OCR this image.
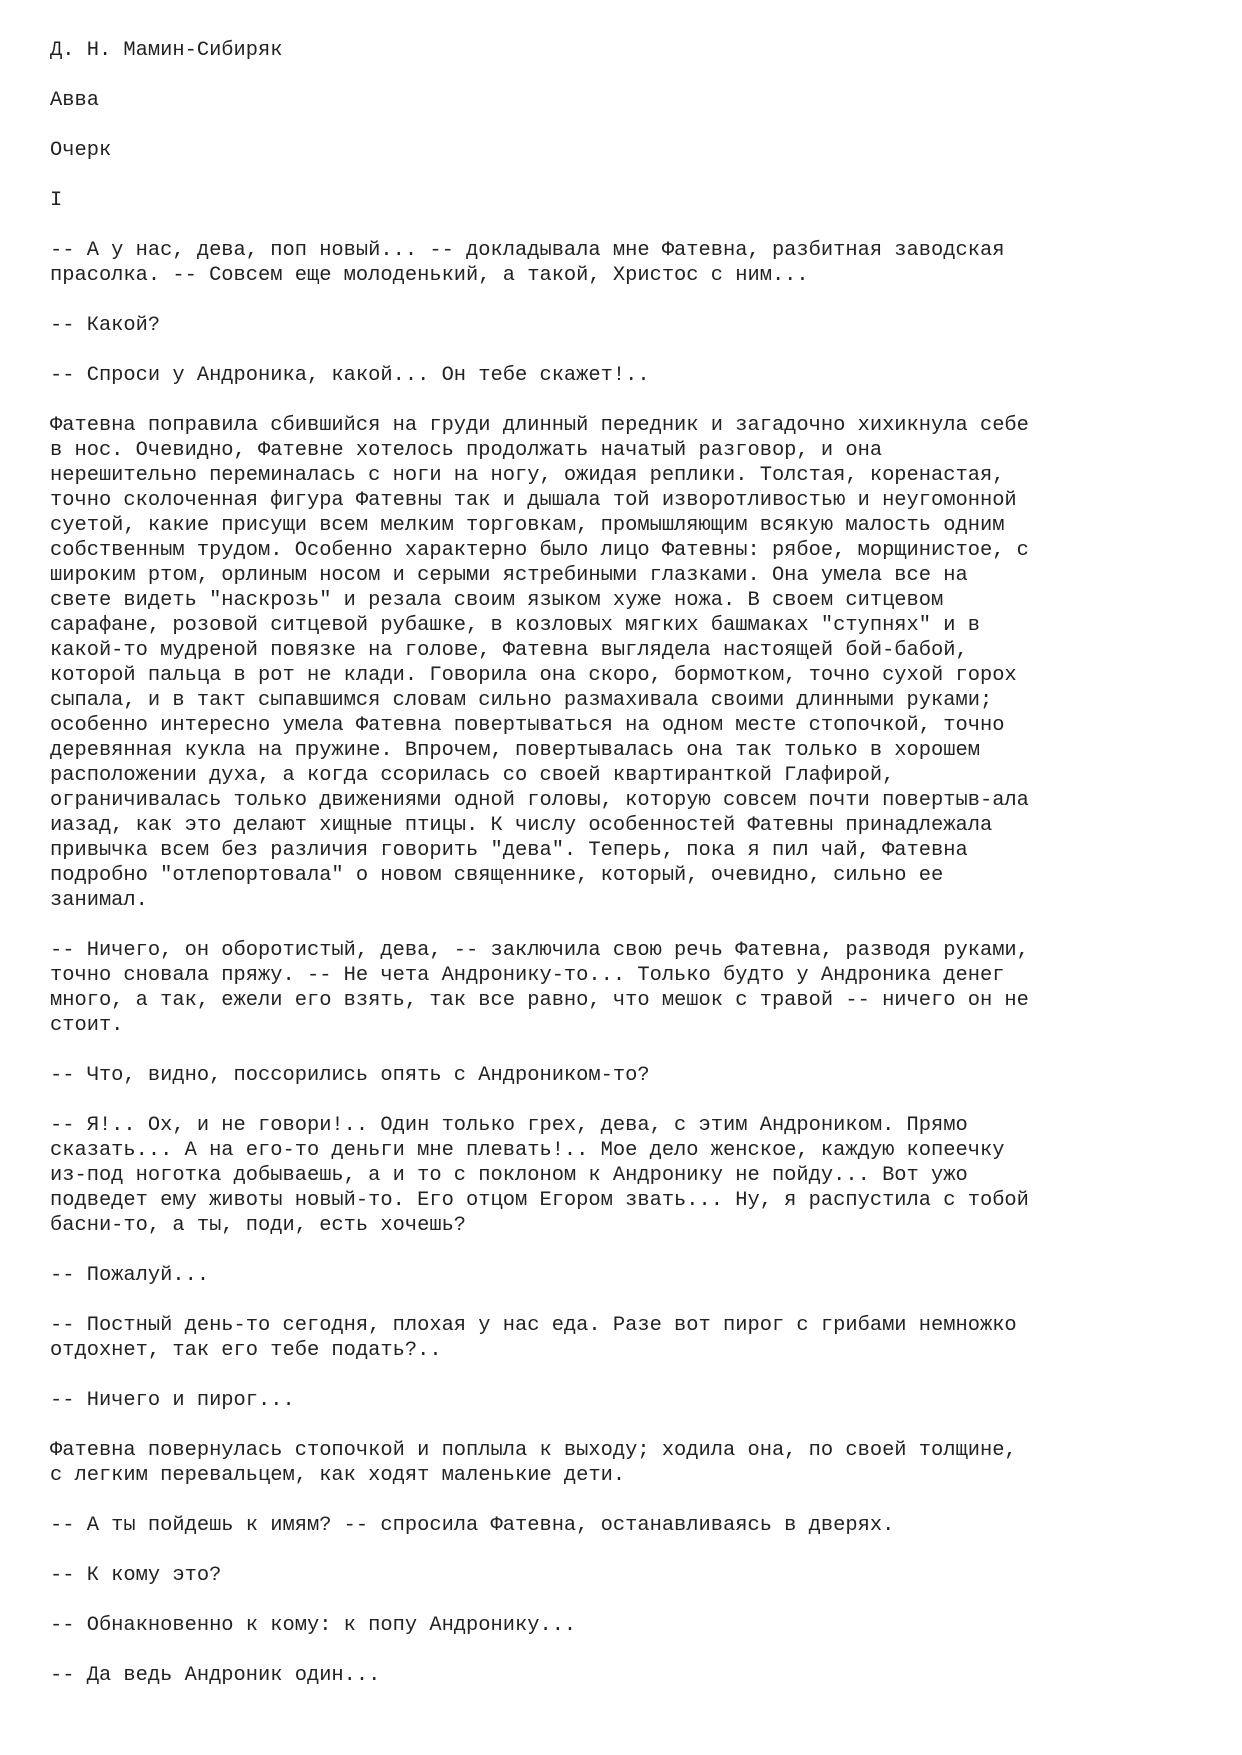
Д. Н. Мамин-Сибиряк
Авва
Очерк
I
-- А у нас, дева, поп новый... -- докладывала мне Фатевна, разбитная заводская
прасолка. -- Совсем еще молоденький, а такой, Христос с ним...
-- Какой?
-- Спроси у Андроника, какой... Он тебе скажет!..
Фатевна поправила сбившийся на груди длинный передник и загадочно хихикнула себе
в нос. Очевидно, Фатевне хотелось продолжать начатый разговор, и она
нерешительно переминалась с ноги на ногу, ожидая реплики. Толстая, коренастая,
точно сколоченная фигура Фатевны так и дышала той изворотливостью и неугомонной
суетой, какие присущи всем мелким торговкам, промышляющим всякую малость одним
собственным трудом. Особенно характерно было лицо Фатевны: рябое, морщинистое, с
широким ртом, орлиным носом и серыми ястребиными глазками. Она умела все на
свете видеть "наскрозь" и резала своим языком хуже ножа. В своем ситцевом
сарафане, розовой ситцевой рубашке, в козловых мягких башмаках "ступнях" и в
какой-то мудреной повязке на голове, Фатевна выглядела настоящей бой-бабой,
которой пальца в рот не клади. Говорила она скоро, бормотком, точно сухой горох
сыпала, и в такт сыпавшимся словам сильно размахивала своими длинными руками;
особенно интересно умела Фатевна повертываться на одном месте стопочкой, точно
деревянная кукла на пружине. Впрочем, повертывалась она так только в хорошем
расположении духа, а когда ссорилась со своей квартиранткой Глафирой,
ограничивалась только движениями одной головы, которую совсем почти повертыв-ала
иазад, как это делают хищные птицы. К числу особенностей Фатевны принадлежала
привычка всем без различия говорить "дева". Теперь, пока я пил чай, Фатевна
подробно "отлепортовала" о новом священнике, который, очевидно, сильно ее
занимал.
-- Ничего, он оборотистый, дева, -- заключила свою речь Фатевна, разводя руками,
точно сновала пряжу. -- Не чета Андронику-то... Только будто у Андроника денег
много, а так, ежели его взять, так все равно, что мешок с травой -- ничего он не
стоит.
-- Что, видно, поссорились опять с Андроником-то?
-- Я!.. Ох, и не говори!.. Один только грех, дева, с этим Андроником. Прямо
сказать... А на его-то деньги мне плевать!.. Мое дело женское, каждую копеечку
из-под ноготка добываешь, а и то с поклоном к Андронику не пойду... Вот ужо
подведет ему животы новый-то. Его отцом Егором звать... Ну, я распустила с тобой
басни-то, а ты, поди, есть хочешь?
-- Пожалуй...
-- Постный день-то сегодня, плохая у нас еда. Разе вот пирог с грибами немножко
отдохнет, так его тебе подать?..
-- Ничего и пирог...
Фатевна повернулась стопочкой и поплыла к выходу; ходила она, по своей толщине,
с легким перевальцем, как ходят маленькие дети.
-- А ты пойдешь к имям? -- спросила Фатевна, останавливаясь в дверях.
-- К кому это?
-- Обнакновенно к кому: к попу Андронику...
-- Да ведь Андроник один...
